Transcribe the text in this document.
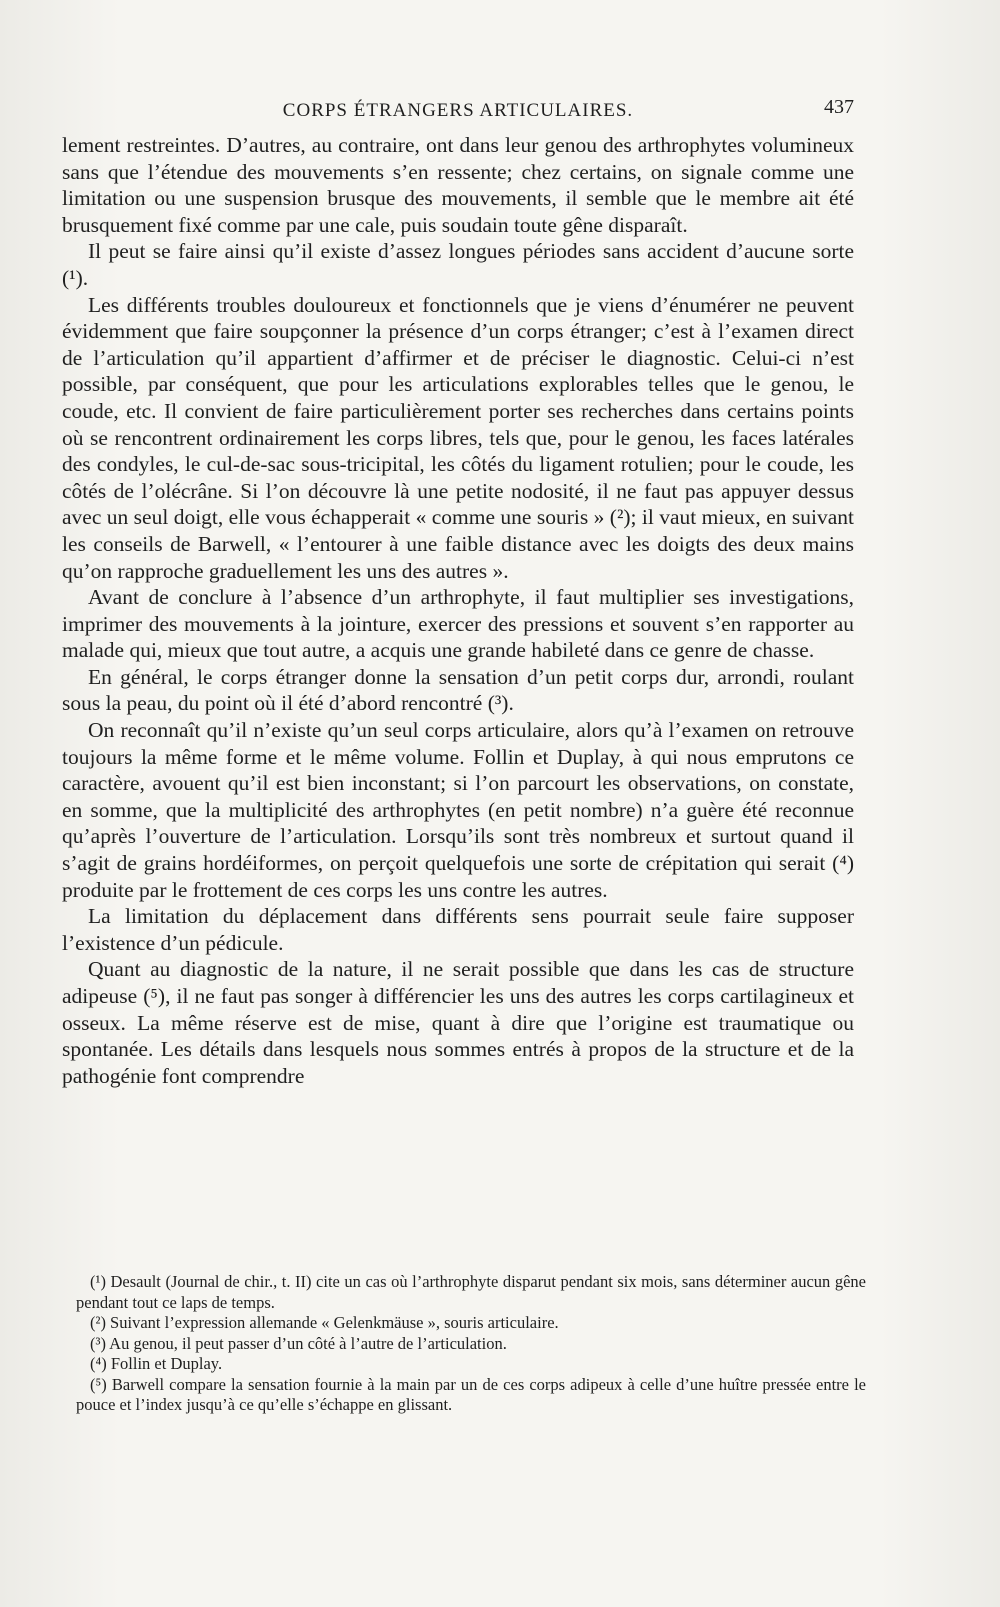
CORPS ÉTRANGERS ARTICULAIRES.	437

lement restreintes. D’autres, au contraire, ont dans leur genou des arthrophytes volumineux sans que l’étendue des mouvements s’en ressente; chez certains, on signale comme une limitation ou une suspension brusque des mouvements, il semble que le membre ait été brusquement fixé comme par une cale, puis soudain toute gêne disparaît.

Il peut se faire ainsi qu’il existe d’assez longues périodes sans accident d’aucune sorte (¹).

Les différents troubles douloureux et fonctionnels que je viens d’énumérer ne peuvent évidemment que faire soupçonner la présence d’un corps étranger; c’est à l’examen direct de l’articulation qu’il appartient d’affirmer et de préciser le diagnostic. Celui-ci n’est possible, par conséquent, que pour les articulations explorables telles que le genou, le coude, etc. Il convient de faire particulièrement porter ses recherches dans certains points où se rencontrent ordinairement les corps libres, tels que, pour le genou, les faces latérales des condyles, le cul-de-sac sous-tricipital, les côtés du ligament rotulien; pour le coude, les côtés de l’olécrâne. Si l’on découvre là une petite nodosité, il ne faut pas appuyer dessus avec un seul doigt, elle vous échapperait « comme une souris » (²); il vaut mieux, en suivant les conseils de Barwell, « l’entourer à une faible distance avec les doigts des deux mains qu’on rapproche graduellement les uns des autres ».

Avant de conclure à l’absence d’un arthrophyte, il faut multiplier ses investigations, imprimer des mouvements à la jointure, exercer des pressions et souvent s’en rapporter au malade qui, mieux que tout autre, a acquis une grande habileté dans ce genre de chasse.

En général, le corps étranger donne la sensation d’un petit corps dur, arrondi, roulant sous la peau, du point où il été d’abord rencontré (³).

On reconnaît qu’il n’existe qu’un seul corps articulaire, alors qu’à l’examen on retrouve toujours la même forme et le même volume. Follin et Duplay, à qui nous emprutons ce caractère, avouent qu’il est bien inconstant; si l’on parcourt les observations, on constate, en somme, que la multiplicité des arthrophytes (en petit nombre) n’a guère été reconnue qu’après l’ouverture de l’articulation. Lorsqu’ils sont très nombreux et surtout quand il s’agit de grains hordéiformes, on perçoit quelquefois une sorte de crépitation qui serait (⁴) produite par le frottement de ces corps les uns contre les autres.

La limitation du déplacement dans différents sens pourrait seule faire supposer l’existence d’un pédicule.

Quant au diagnostic de la nature, il ne serait possible que dans les cas de structure adipeuse (⁵), il ne faut pas songer à différencier les uns des autres les corps cartilagineux et osseux. La même réserve est de mise, quant à dire que l’origine est traumatique ou spontanée. Les détails dans lesquels nous sommes entrés à propos de la structure et de la pathogénie font comprendre

(¹) Desault (Journal de chir., t. II) cite un cas où l’arthrophyte disparut pendant six mois, sans déterminer aucun gêne pendant tout ce laps de temps.

(²) Suivant l’expression allemande « Gelenkmäuse », souris articulaire.

(³) Au genou, il peut passer d’un côté à l’autre de l’articulation.

(⁴) Follin et Duplay.

(⁵) Barwell compare la sensation fournie à la main par un de ces corps adipeux à celle d’une huître pressée entre le pouce et l’index jusqu’à ce qu’elle s’échappe en glissant.
